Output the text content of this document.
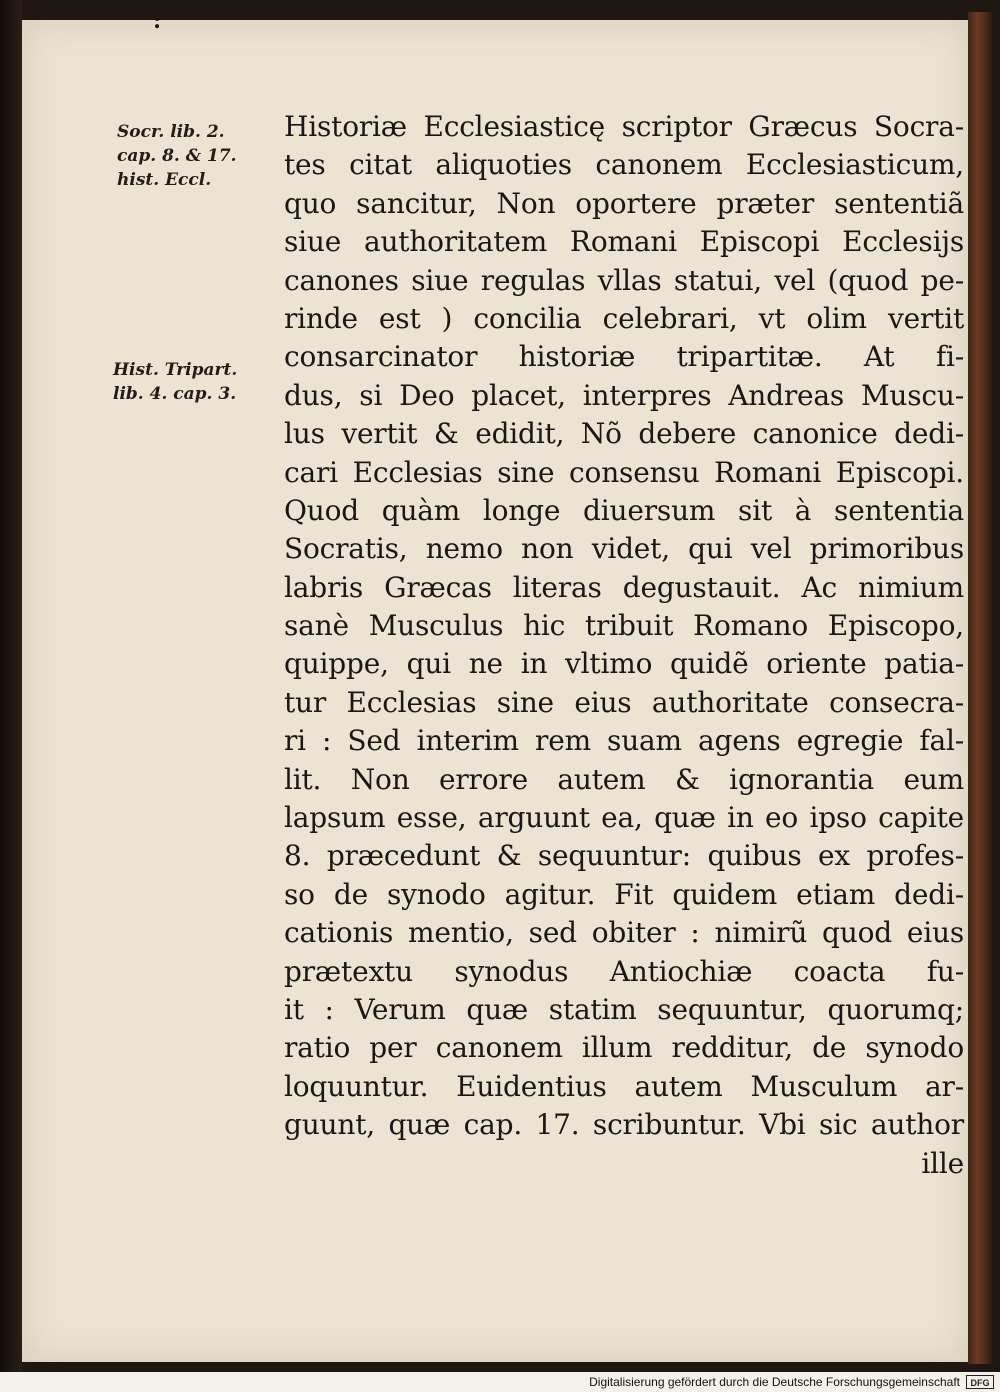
:
Socr. lib. 2.
cap. 8. & 17.
hist. Eccl.
Hist. Tripart.
lib. 4. cap. 3.
Historiæ Ecclesiasticę scriptor Græcus Socra-
tes citat aliquoties canonem Ecclesiasticum,
quo sancitur, Non oportere præter sententiã
siue authoritatem Romani Episcopi Ecclesijs
canones siue regulas vllas statui, vel (quod pe-
rinde est ) concilia celebrari, vt olim vertit
consarcinator historiæ tripartitæ. At fi-
dus, si Deo placet, interpres Andreas Muscu-
lus vertit & edidit, Nõ debere canonice dedi-
cari Ecclesias sine consensu Romani Episcopi.
Quod quàm longe diuersum sit à sententia
Socratis, nemo non videt, qui vel primoribus
labris Græcas literas degustauit. Ac nimium
sanè Musculus hic tribuit Romano Episcopo,
quippe, qui ne in vltimo quidẽ oriente patia-
tur Ecclesias sine eius authoritate consecra-
ri : Sed interim rem suam agens egregie fal-
lit. Non errore autem & ignorantia eum
lapsum esse, arguunt ea, quæ in eo ipso capite
8. præcedunt & sequuntur: quibus ex profes-
so de synodo agitur. Fit quidem etiam dedi-
cationis mentio, sed obiter : nimirũ quod eius
prætextu synodus Antiochiæ coacta fu-
it : Verum quæ statim sequuntur, quorumq;
ratio per canonem illum redditur, de synodo
loquuntur. Euidentius autem Musculum ar-
guunt, quæ cap. 17. scribuntur. Vbi sic author
ille
Digitalisierung gefördert durch die Deutsche Forschungsgemeinschaft	DFG
